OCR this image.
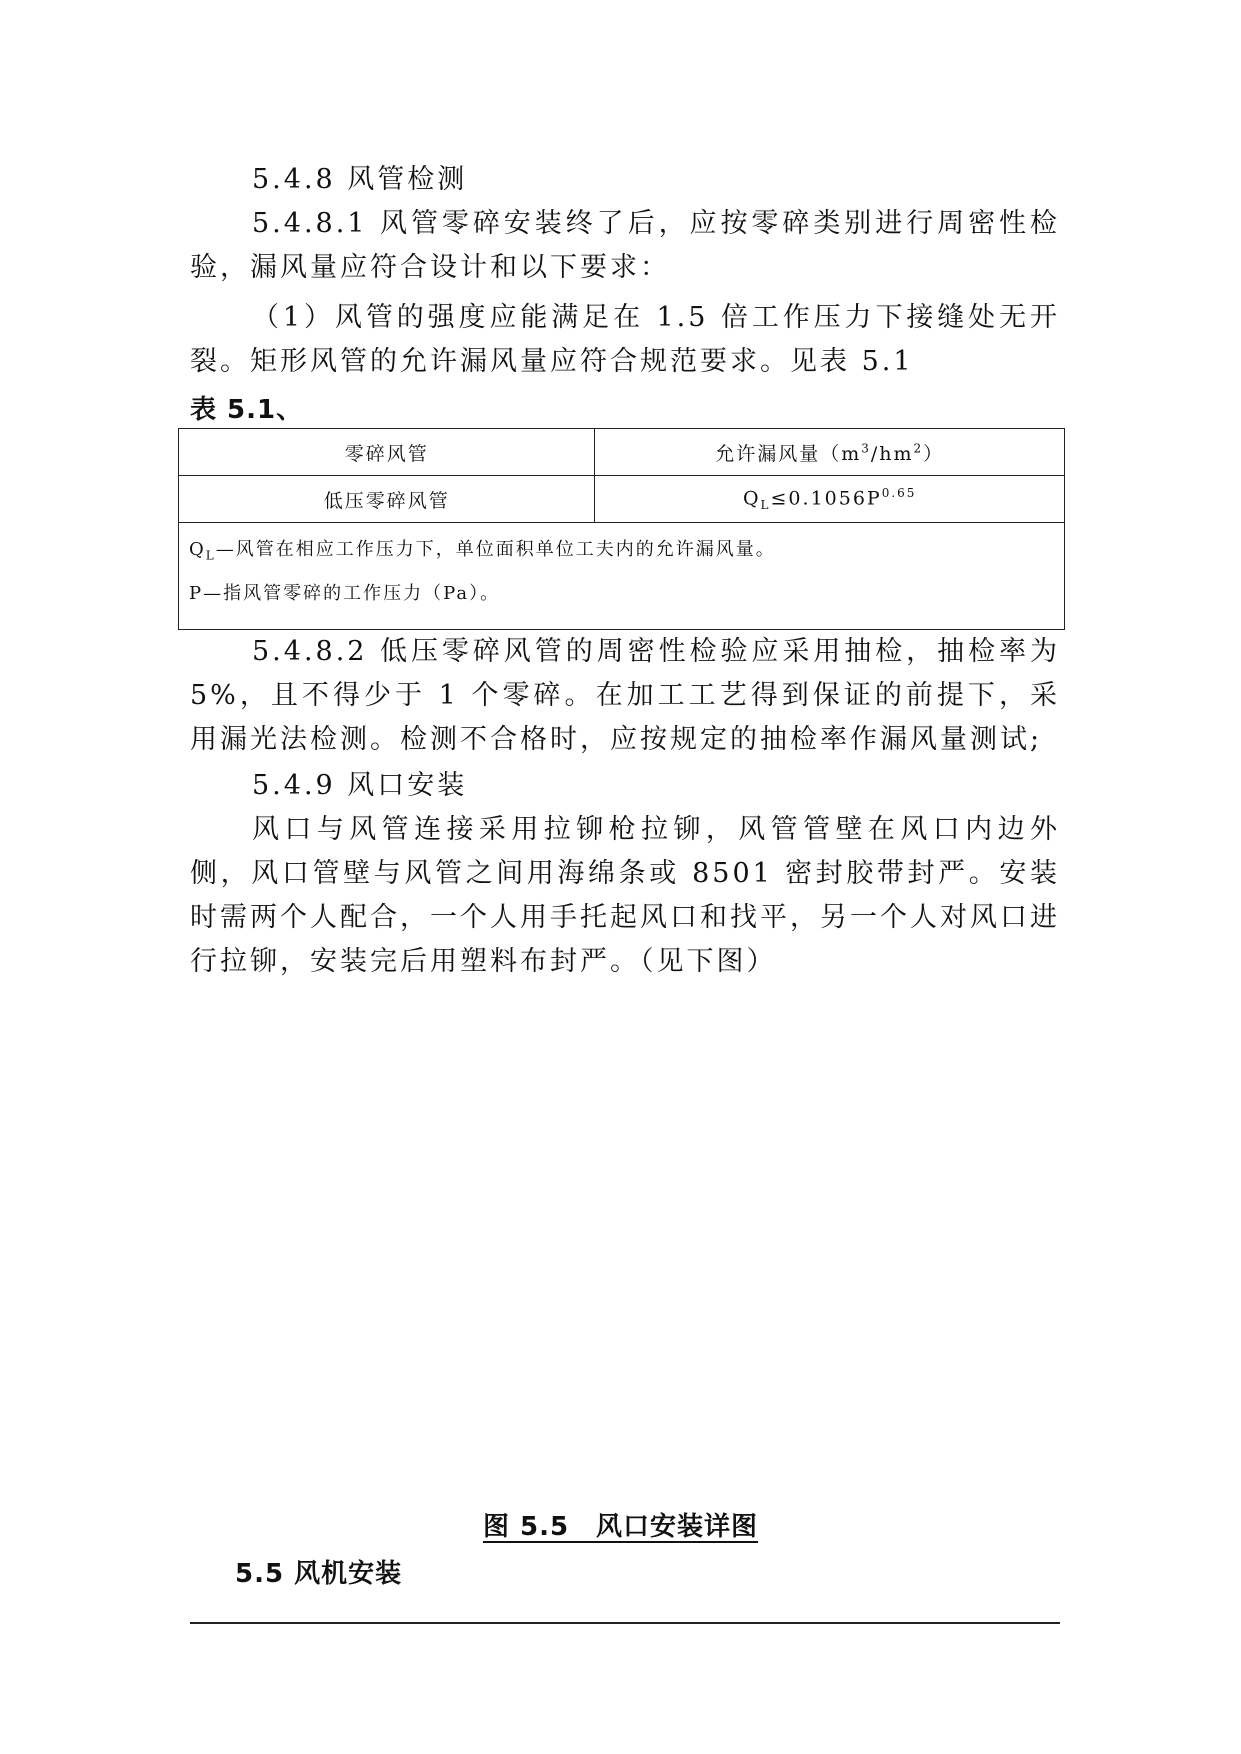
5.4.8 风管检测
5.4.8.1 风管零碎安装终了后，应按零碎类别进行周密性检验，漏风量应符合设计和以下要求：
（1）风管的强度应能满足在 1.5 倍工作压力下接缝处无开裂。矩形风管的允许漏风量应符合规范要求。见表 5.1
表 5.1、
零碎风管	允许漏风量$(m^3/hm^2)$
低压零碎风管	$Q_L\le 0.1056P^{0.65}$

$Q_L—$风管在相应工作压力下，单位面积单位工夫内的允许漏风量。
P—指风管零碎的工作压力（Pa）。	
5.4.8.2 低压零碎风管的周密性检验应采用抽检，抽检率为5%，且不得少于 1 个零碎。在加工工艺得到保证的前提下，采用漏光法检测。检测不合格时，应按规定的抽检率作漏风量测试;
5.4.9 风口安装
风口与风管连接采用拉铆枪拉铆，风管管壁在风口内边外侧，风口管壁与风管之间用海绵条或 8501 密封胶带封严。安装时需两个人配合，一个人用手托起风口和找平，另一个人对风口进行拉铆，安装完后用塑料布封严。（见下图）
图 5.5　风口安装详图
5.5 风机安装
